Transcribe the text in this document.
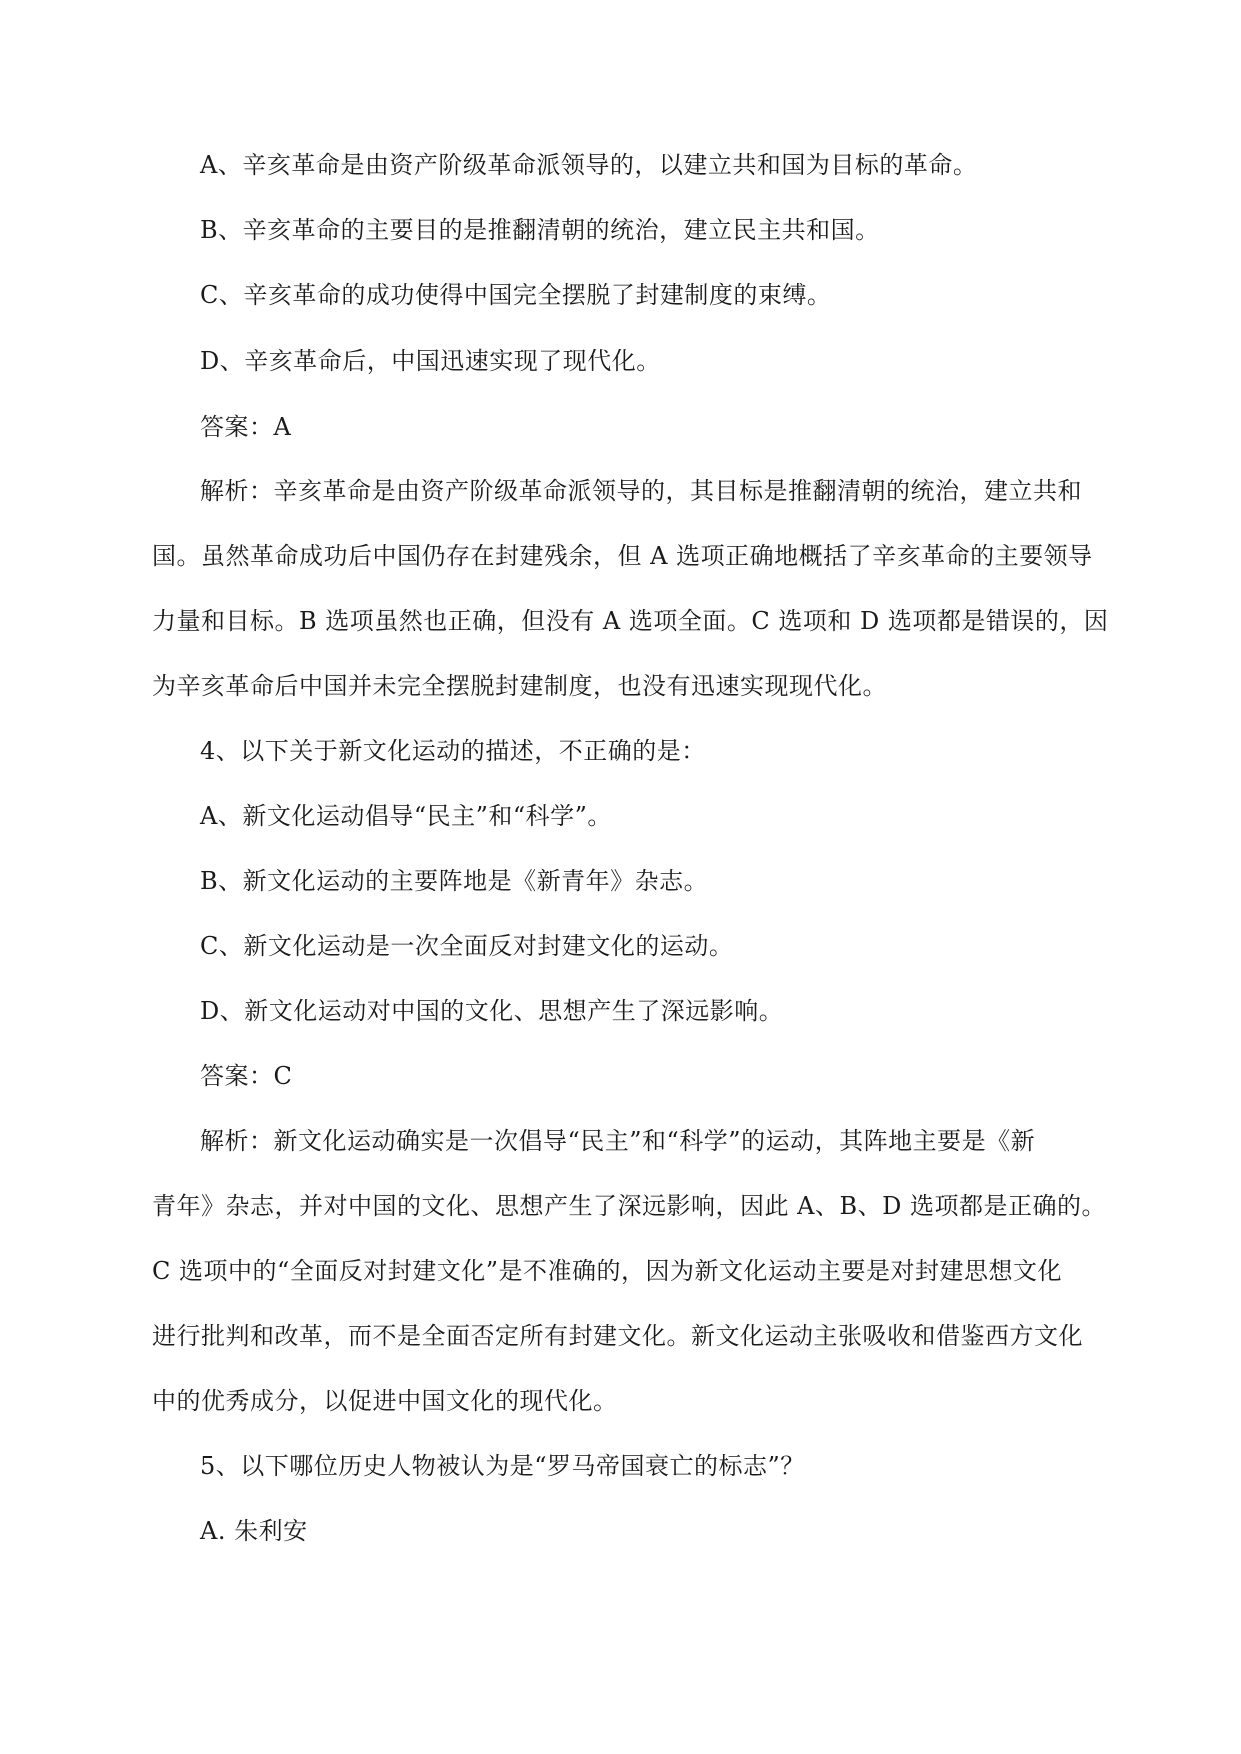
A、辛亥革命是由资产阶级革命派领导的，以建立共和国为目标的革命。
B、辛亥革命的主要目的是推翻清朝的统治，建立民主共和国。
C、辛亥革命的成功使得中国完全摆脱了封建制度的束缚。
D、辛亥革命后，中国迅速实现了现代化。
答案：A
解析：辛亥革命是由资产阶级革命派领导的，其目标是推翻清朝的统治，建立共和
国。虽然革命成功后中国仍存在封建残余，但 A 选项正确地概括了辛亥革命的主要领导
力量和目标。B 选项虽然也正确，但没有 A 选项全面。C 选项和 D 选项都是错误的，因
为辛亥革命后中国并未完全摆脱封建制度，也没有迅速实现现代化。
4、以下关于新文化运动的描述，不正确的是：
A、新文化运动倡导“民主”和“科学”。
B、新文化运动的主要阵地是《新青年》杂志。
C、新文化运动是一次全面反对封建文化的运动。
D、新文化运动对中国的文化、思想产生了深远影响。
答案：C
解析：新文化运动确实是一次倡导“民主”和“科学”的运动，其阵地主要是《新
青年》杂志，并对中国的文化、思想产生了深远影响，因此 A、B、D 选项都是正确的。
C 选项中的“全面反对封建文化”是不准确的，因为新文化运动主要是对封建思想文化
进行批判和改革，而不是全面否定所有封建文化。新文化运动主张吸收和借鉴西方文化
中的优秀成分，以促进中国文化的现代化。
5、以下哪位历史人物被认为是“罗马帝国衰亡的标志”？
A. 朱利安
